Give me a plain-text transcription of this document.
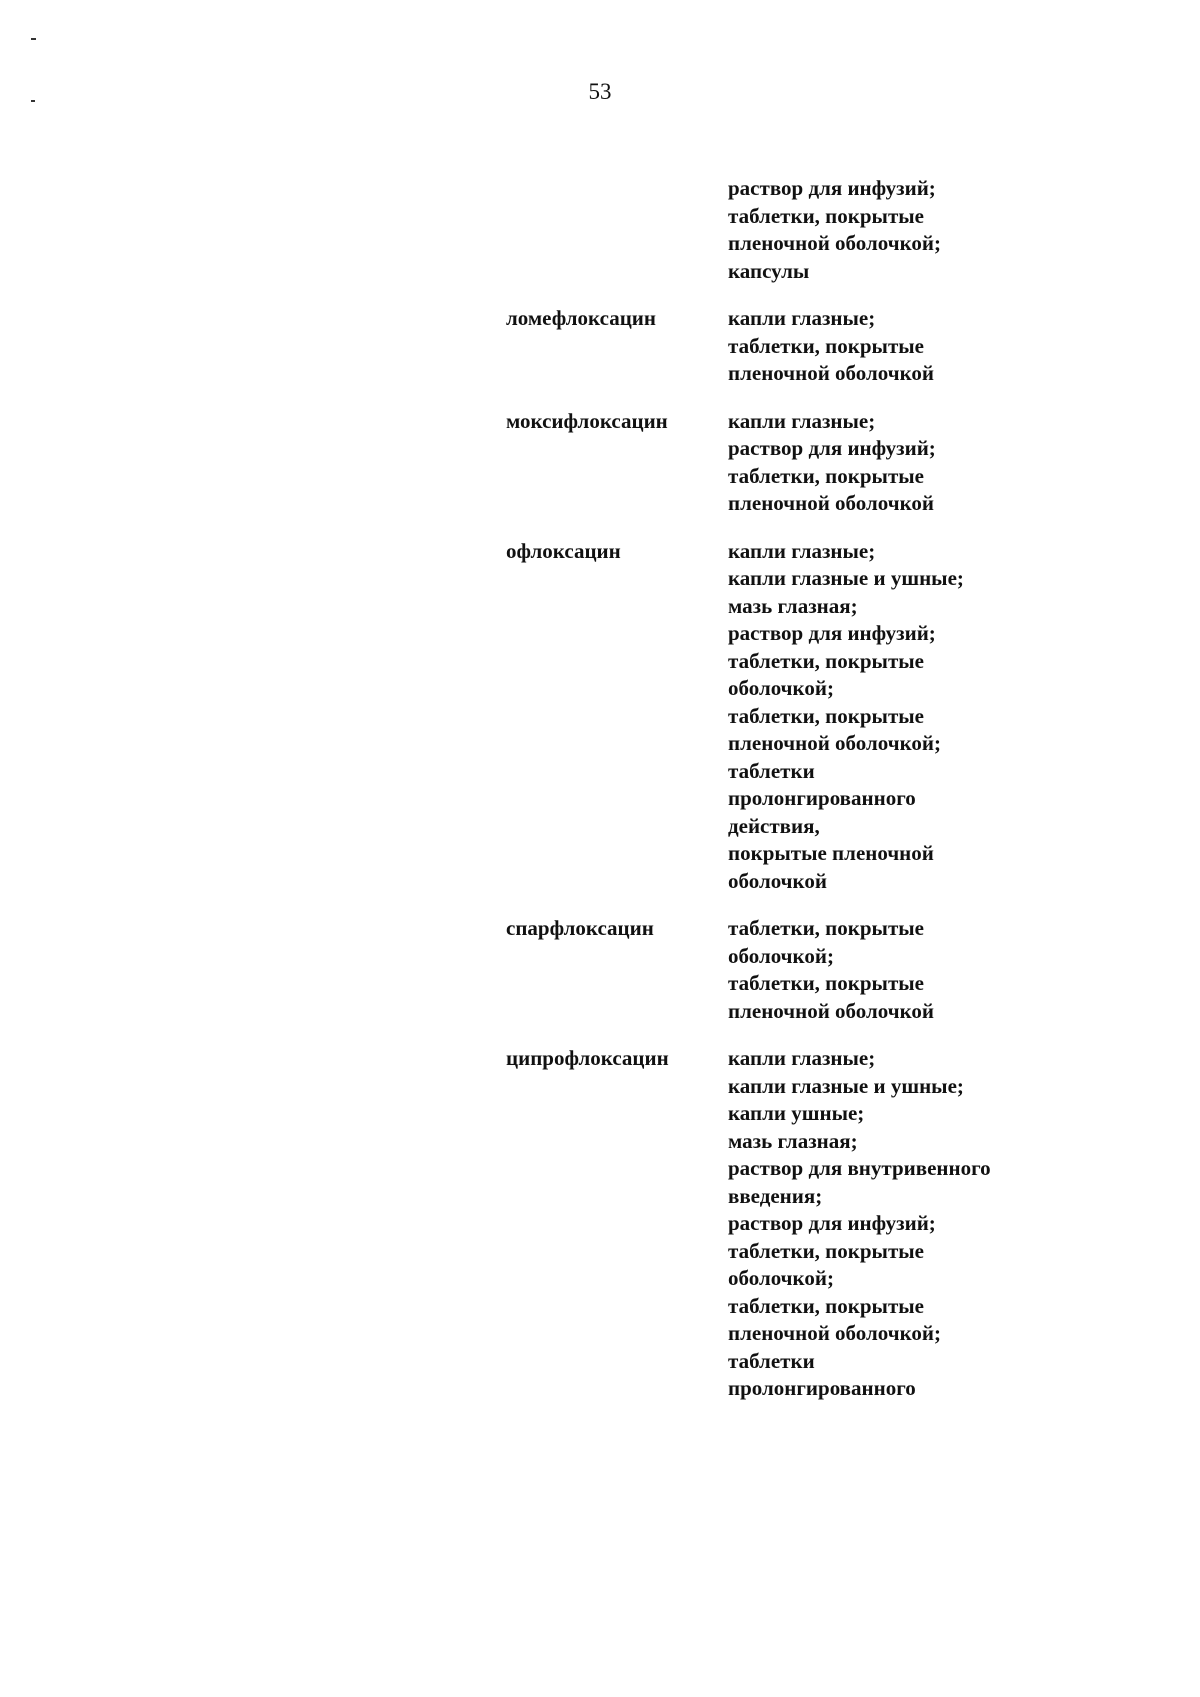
53
раствор для инфузий;
таблетки, покрытые
пленочной оболочкой;
капсулы
ломефлоксацин	капли глазные;
таблетки, покрытые
пленочной оболочкой
моксифлоксацин	капли глазные;
раствор для инфузий;
таблетки, покрытые
пленочной оболочкой
офлоксацин	капли глазные;
капли глазные и ушные;
мазь глазная;
раствор для инфузий;
таблетки, покрытые
оболочкой;
таблетки, покрытые
пленочной оболочкой;
таблетки
пролонгированного
действия,
покрытые пленочной
оболочкой
спарфлоксацин	таблетки, покрытые
оболочкой;
таблетки, покрытые
пленочной оболочкой
ципрофлоксацин	капли глазные;
капли глазные и ушные;
капли ушные;
мазь глазная;
раствор для внутривенного
введения;
раствор для инфузий;
таблетки, покрытые
оболочкой;
таблетки, покрытые
пленочной оболочкой;
таблетки
пролонгированного
